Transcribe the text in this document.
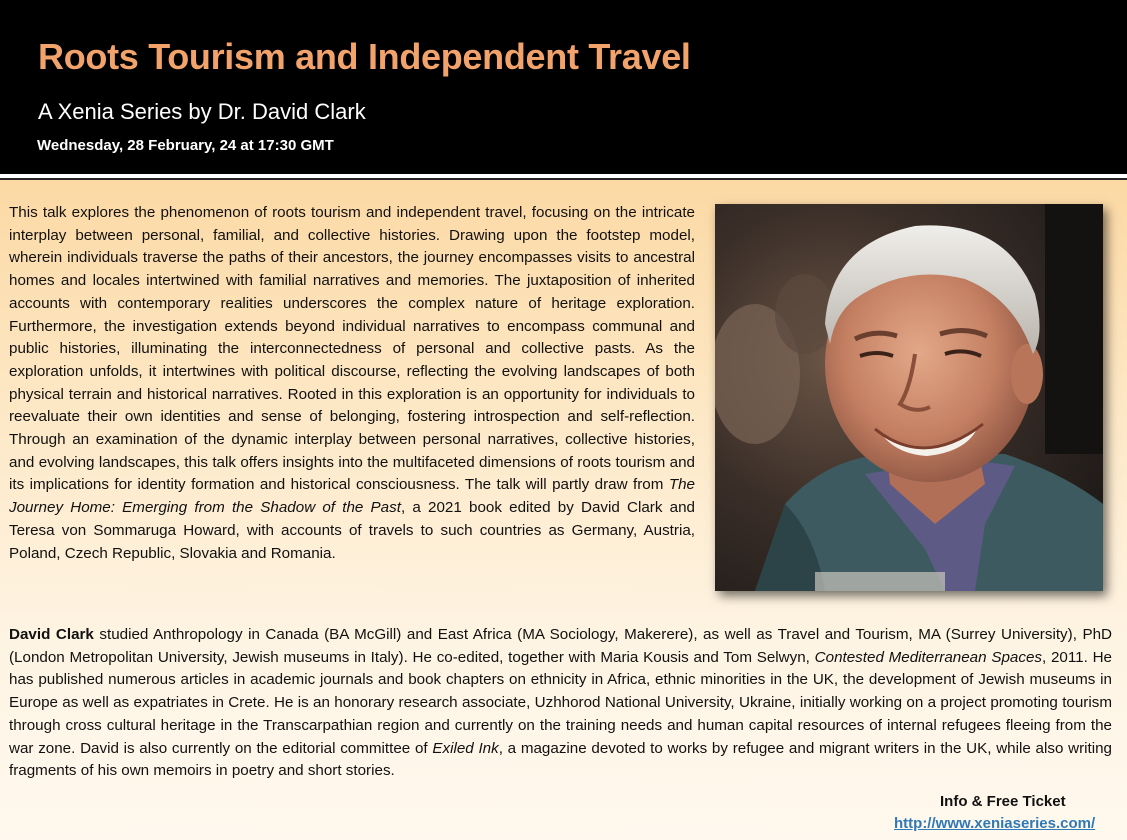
Roots Tourism and Independent Travel
A Xenia Series by Dr. David Clark
Wednesday, 28 February, 24 at 17:30 GMT

This talk explores the phenomenon of roots tourism and independent travel, focusing on the intricate interplay between personal, familial, and collective histories. Drawing upon the footstep model, wherein individuals traverse the paths of their ancestors, the journey encompasses visits to ancestral homes and locales intertwined with familial narratives and memories. The juxtaposition of inherited accounts with contemporary realities underscores the complex nature of heritage exploration. Furthermore, the investigation extends beyond individual narratives to encompass communal and public histories, illuminating the interconnectedness of personal and collective pasts. As the exploration unfolds, it intertwines with political discourse, reflecting the evolving landscapes of both physical terrain and historical narratives. Rooted in this exploration is an opportunity for individuals to reevaluate their own identities and sense of belonging, fostering introspection and self-reflection. Through an examination of the dynamic interplay between personal narratives, collective histories, and evolving landscapes, this talk offers insights into the multifaceted dimensions of roots tourism and its implications for identity formation and historical consciousness. The talk will partly draw from The Journey Home: Emerging from the Shadow of the Past, a 2021 book edited by David Clark and Teresa von Sommaruga Howard, with accounts of travels to such countries as Germany, Austria, Poland, Czech Republic, Slovakia and Romania.

David Clark studied Anthropology in Canada (BA McGill) and East Africa (MA Sociology, Makerere), as well as Travel and Tourism, MA (Surrey University), PhD (London Metropolitan University, Jewish museums in Italy). He co-edited, together with Maria Kousis and Tom Selwyn, Contested Mediterranean Spaces, 2011. He has published numerous articles in academic journals and book chapters on ethnicity in Africa, ethnic minorities in the UK, the development of Jewish museums in Europe as well as expatriates in Crete. He is an honorary research associate, Uzhhorod National University, Ukraine, initially working on a project promoting tourism through cross cultural heritage in the Transcarpathian region and currently on the training needs and human capital resources of internal refugees fleeing from the war zone. David is also currently on the editorial committee of Exiled Ink, a magazine devoted to works by refugee and migrant writers in the UK, while also writing fragments of his own memoirs in poetry and short stories.

Info & Free Ticket
http://www.xeniaseries.com/
